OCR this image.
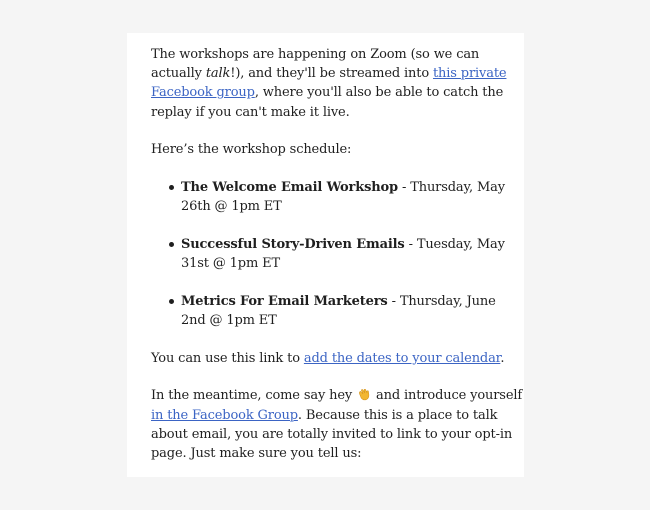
The workshops are happening on Zoom (so we can actually talk!), and they'll be streamed into this private Facebook group, where you'll also be able to catch the replay if you can't make it live.

Here’s the workshop schedule:

The Welcome Email Workshop - Thursday, May 26th @ 1pm ET
Successful Story-Driven Emails - Tuesday, May 31st @ 1pm ET
Metrics For Email Marketers - Thursday, June 2nd @ 1pm ET

You can use this link to add the dates to your calendar.

In the meantime, come say hey  and introduce yourself in the Facebook Group. Because this is a place to talk about email, you are totally invited to link to your opt-in page. Just make sure you tell us:
